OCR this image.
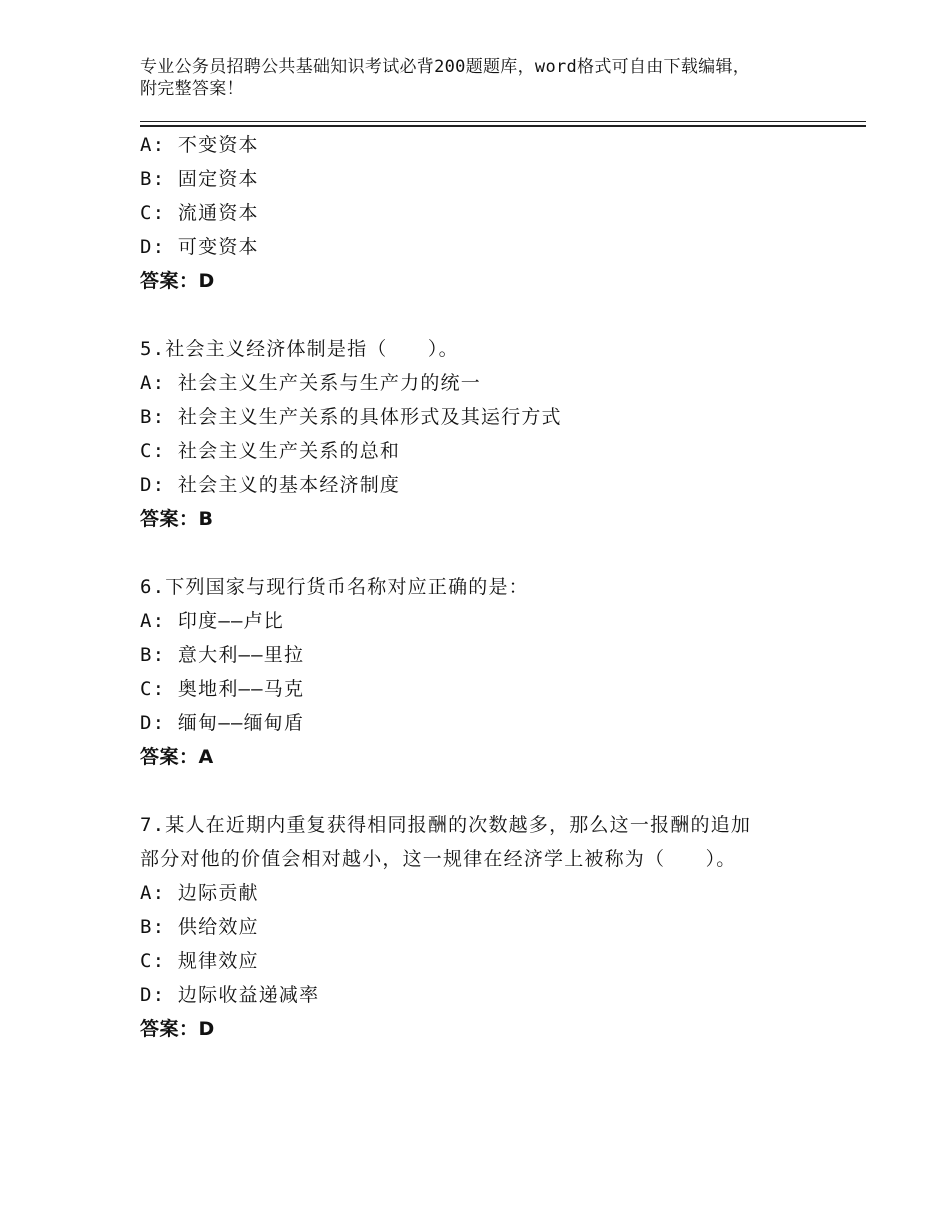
专业公务员招聘公共基础知识考试必背200题题库，word格式可自由下载编辑，
附完整答案！
A: 不变资本
B: 固定资本
C: 流通资本
D: 可变资本
答案：D
5.社会主义经济体制是指（　　）。
A: 社会主义生产关系与生产力的统一
B: 社会主义生产关系的具体形式及其运行方式
C: 社会主义生产关系的总和
D: 社会主义的基本经济制度
答案：B
6.下列国家与现行货币名称对应正确的是：
A: 印度——卢比
B: 意大利——里拉
C: 奥地利——马克
D: 缅甸——缅甸盾
答案：A
7.某人在近期内重复获得相同报酬的次数越多，那么这一报酬的追加
部分对他的价值会相对越小，这一规律在经济学上被称为（　　）。
A: 边际贡献
B: 供给效应
C: 规律效应
D: 边际收益递减率
答案：D
